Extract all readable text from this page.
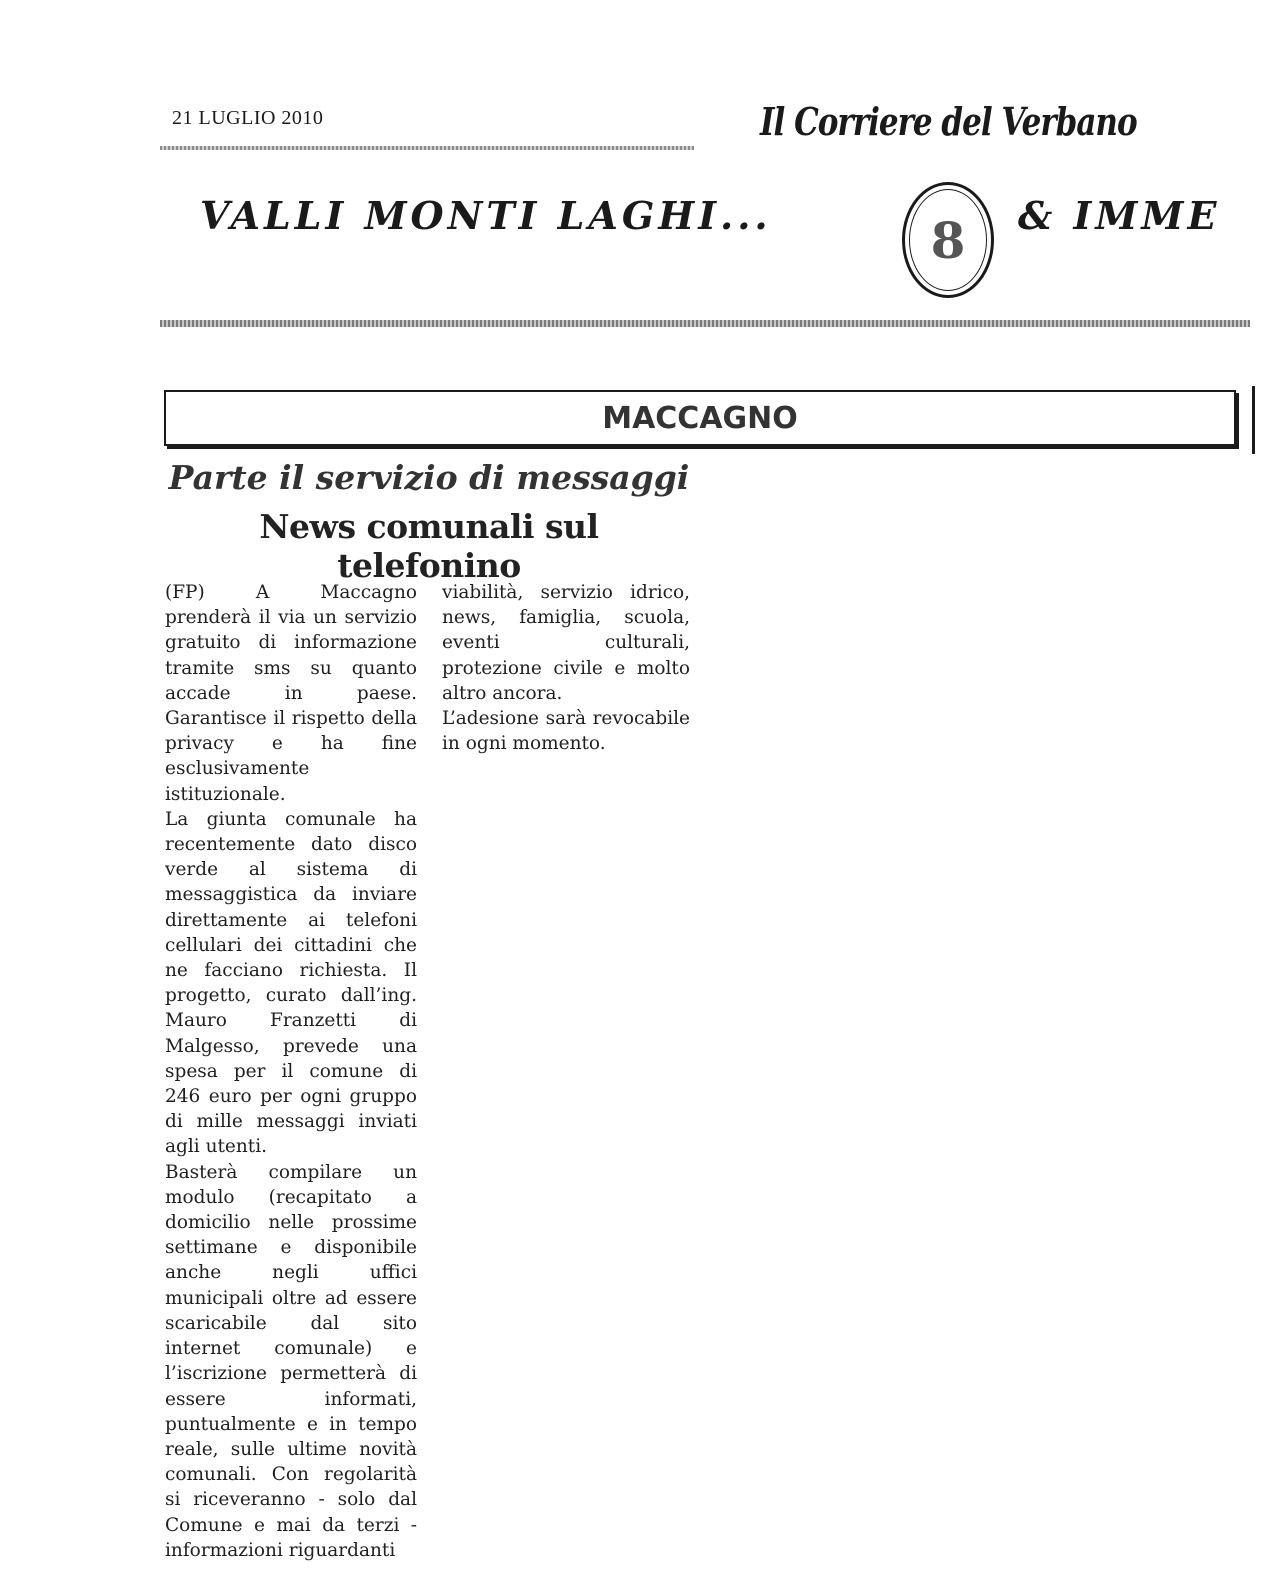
21 LUGLIO 2010	Il Corriere del Verbano
VALLI MONTI LAGHI...	8 & IMME
MACCAGNO
Parte il servizio di messaggi
News comunali sul telefonino

(FP) A Maccagno prenderà il via un servizio gratuito di informazione tramite sms su quanto accade in paese. Garantisce il rispetto della privacy e ha fine esclusivamente istituzionale.

La giunta comunale ha recentemente dato disco verde al sistema di messaggistica da inviare direttamente ai telefoni cellulari dei cittadini che ne facciano richiesta. Il progetto, curato dall’ing. Mauro Franzetti di Malgesso, prevede una spesa per il comune di 246 euro per ogni gruppo di mille messaggi inviati agli utenti.

Basterà compilare un modulo (recapitato a domicilio nelle prossime settimane e disponibile anche negli uffici municipali oltre ad essere scaricabile dal sito internet comunale) e l’iscrizione permetterà di essere informati, puntualmente e in tempo reale, sulle ultime novità comunali. Con regolarità si riceveranno - solo dal Comune e mai da terzi - informazioni riguardanti

viabilità, servizio idrico, news, famiglia, scuola, eventi culturali, protezione civile e molto altro ancora.

L’adesione sarà revocabile in ogni momento.
